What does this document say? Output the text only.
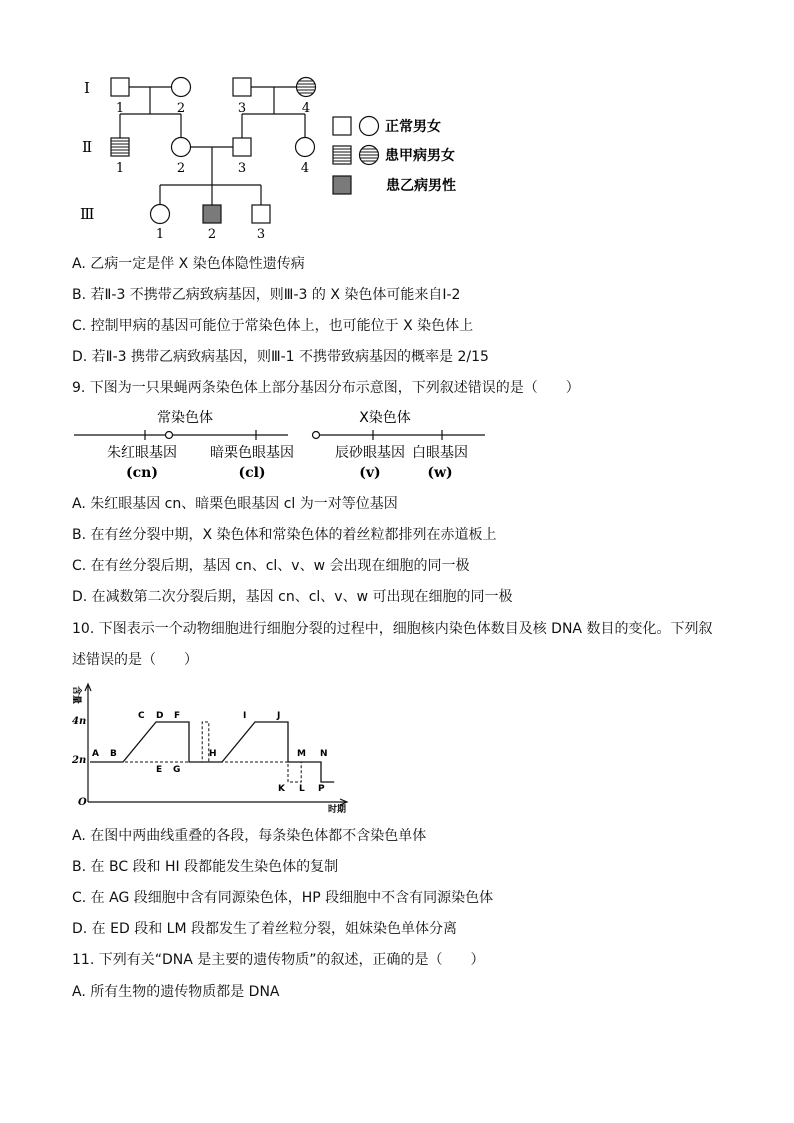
Ⅰ
Ⅱ
Ⅲ
1	2	3	4
1	2	3	4
1	2	3
正常男女
患甲病男女
患乙病男性
A. 乙病一定是伴 X 染色体隐性遗传病
B. 若Ⅱ-3 不携带乙病致病基因，则Ⅲ-3 的 X 染色体可能来自Ⅰ-2
C. 控制甲病的基因可能位于常染色体上，也可能位于 X 染色体上
D. 若Ⅱ-3 携带乙病致病基因，则Ⅲ-1 不携带致病基因的概率是 2/15
9. 下图为一只果蝇两条染色体上部分基因分布示意图，下列叙述错误的是（　　）
常染色体	X染色体
朱红眼基因 暗栗色眼基因	辰砂眼基因 白眼基因
(cn)	(cl)	(v)	(w)
A. 朱红眼基因 cn、暗栗色眼基因 cl 为一对等位基因
B. 在有丝分裂中期，X 染色体和常染色体的着丝粒都排列在赤道板上
C. 在有丝分裂后期，基因 cn、cl、v、w 会出现在细胞的同一极
D. 在减数第二次分裂后期，基因 cn、cl、v、w 可出现在细胞的同一极
10. 下图表示一个动物细胞进行细胞分裂的过程中，细胞核内染色体数目及核 DNA 数目的变化。下列叙
述错误的是（　　）
含量
时期
O
4n
2n
A B
C D
E
F
G
H
I	J
K L
M N
P
A. 在图中两曲线重叠的各段，每条染色体都不含染色单体
B. 在 BC 段和 HI 段都能发生染色体的复制
C. 在 AG 段细胞中含有同源染色体，HP 段细胞中不含有同源染色体
D. 在 ED 段和 LM 段都发生了着丝粒分裂，姐妹染色单体分离
11. 下列有关“DNA 是主要的遗传物质”的叙述，正确的是（　　）
A. 所有生物的遗传物质都是 DNA
